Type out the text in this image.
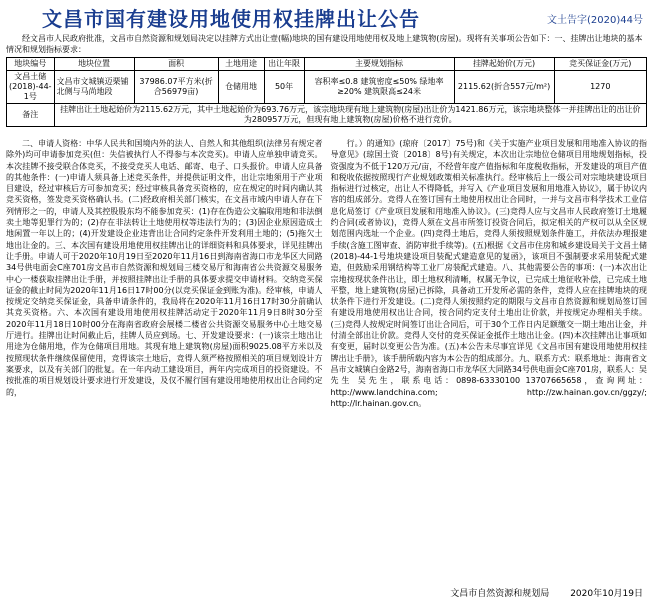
文昌市国有建设用地使用权挂牌出让公告	文土告字(2020)44号
经文昌市人民政府批准，文昌市自然资源和规划局决定以挂牌方式出让壹(幅)地块的国有建设用地使用权及地上建筑物(房屋)。现将有关事项公告如下：一、挂牌出让地块的基本情况和规划指标要求：
地块编号	地块位置	面积	土地用途	出让年限	主要规划指标	挂牌起始价(万元)	竞买保证金(万元)
文昌土储(2018)-44-1号	文昌市文城镇迈栗铺北侧与马尚地段	37986.07平方米(折合56979亩)	仓储用地	50年	容积率≤0.8 建筑密度≤50% 绿地率≥20% 建筑限高≤24米	2115.62(折合557元/m²)	1270
备注	挂牌出让土地起始价为2115.62万元，其中土地起始价为693.76万元，该宗地块现有地上建筑物(房屋)出让价为1421.86万元，该宗地块整体一并挂牌出让的出让价为280957万元，但现有地上建筑物(房屋)价格不进行竞价。						

二、申请人资格：中华人民共和国境内外的法人、自然人和其他组织(法律另有规定者除外)均可申请参加竞买(但：失信被执行人不得参与本次竞买)。申请人应单独申请竞买。本次挂牌不接受联合体竞买，不接受竞买人电话、邮寄、电子、口头报价。申请人应具备的其他条件：(一)申请人须具备上述竞买条件，并提供证明文件，出让宗地须用于产业项目建设，经过审核后方可参加竞买；经过审核具备竞买资格的，应在规定的时间内确认其竞买资格，签发竞买资格确认书。(二)经政府相关部门核实，在文昌市域内申请人存在下列情形之一的，申请人及其控股股东均不能参加竞买：(1)存在伪造公文骗取用地和非法倒卖土地等犯罪行为的；(2)存在非法转让土地使用权等违法行为的；(3)因企业原因造成土地闲置一年以上的；(4)开发建设企业违背出让合同约定条件开发利用土地的；(5)拖欠土地出让金的。三、本次国有建设用地使用权挂牌出让的详细资料和具体要求，详见挂牌出让手册。申请人可于2020年10月19日至2020年11月16日到海南省海口市龙华区大同路34号供电面会C座701房文昌市自然资源和规划局三楼交易厅和海南省公共资源交易服务中心一楼获取挂牌出让手册，并按照挂牌出让手册的具体要求提交申请材料。交纳竞买保证金的截止时间为2020年11月16日17时00分(以竞买保证金到账为准)。经审核，申请人按规定交纳竞买保证金，具备申请条件的，我局将在2020年11月16日17时30分前确认其竞买资格。六、本次国有建设用地使用权挂牌活动定于2020年11月9日8时30分至2020年11月18日10时00分在海南省政府会展楼二楼省公共资源交易服务中心土地交易厅进行。挂牌出让时间截止后，挂牌人员应到场。七、开发建设要求：(一)该宗土地出让用途为仓储用地，作为仓储项目用地。其现有地上建筑物(房屋)面积9025.08平方米以及按照现状条件继续保留使用，竞得该宗土地后，竞得人须严格按照相关的项目规划设计方案要求，以及有关部门的批复。在一年内动工建设项目，两年内完成项目的投资建设。不按批准的项目规划设计要求进行开发建设，及仅不履行国有建设用地使用权出让合同约定的，

行。）的通知》(琼府〔2017〕75号)和《关于实施产业项目发展和用地准入协议的指导意见》(琼国土资〔2018〕8号)有关规定，本次出让宗地位仓储项目用地规划指标，投资强度为不低于120万元/亩，不经营年度产值指标和年度税收指标，开发建设的项目产值和税收依据按照现行产业规划政策相关标准执行。经审核后上一级公司对宗地块建设项目指标进行过核定，出让人不得降低，并写入《产业项目发展和用地准入协议》，属于协议内容的组成部分。竞得人在签订国有土地使用权出让合同时，一并与文昌市科学技术工业信息化局签订《产业项目发展和用地准入协议》。(三)竞得人应与文昌市人民政府签订土地履约合同(或者协议)，竞得人须在文昌市所签订投资合同后，拟定相关的产权可以从全区规划范围内选址一个企业。(四)竞得土地后，竞得人须按照规划条件施工，并依法办理报建手续(含施工图审查、消防审批手续等)。(五)根据《文昌市住房和城乡建设局关于文昌土储(2018)-44-1号地块建设项目装配式建造意见的复函》，该项目不强制要求采用装配式建造，但鼓励采用钢结构等工业厂房装配式建造。八、其他需要公告的事项：(一)本次出让宗地按现状条件出让，即土地权利清晰，权属无争议，已完成土地征收补偿，已完成土地平整，地上建筑物(房屋)已拆除，具备动工开发所必需的条件，竞得人应在挂牌地块的现状条件下进行开发建设。(二)竞得人须按照约定的期限与文昌市自然资源和规划局签订国有建设用地使用权出让合同，按合同约定支付土地出让价款，并按规定办理相关手续。(三)竞得人按规定时间签订出让合同后，可于30个工作日内足额缴交一期土地出让金，并付清全部出让价款。竞得人交付的竞买保证金抵作土地出让金。(四)本次挂牌出让事项如有变更，届时以变更公告为准。(五)本公告未尽事宜详见《文昌市国有建设用地使用权挂牌出让手册》，该手册所载内容为本公告的组成部分。九、联系方式：联系地址：海南省文昌市文城镇白金路2号，海南省海口市龙华区大同路34号供电面会C座701房，联系人：吴先生 吴先生，联系电话：0898-63330100 13707665658，查询网址：http://www.landchina.com; http://zw.hainan.gov.cn/ggzy/; http://lr.hainan.gov.cn。

文昌市自然资源和规划局 2020年10月19日
